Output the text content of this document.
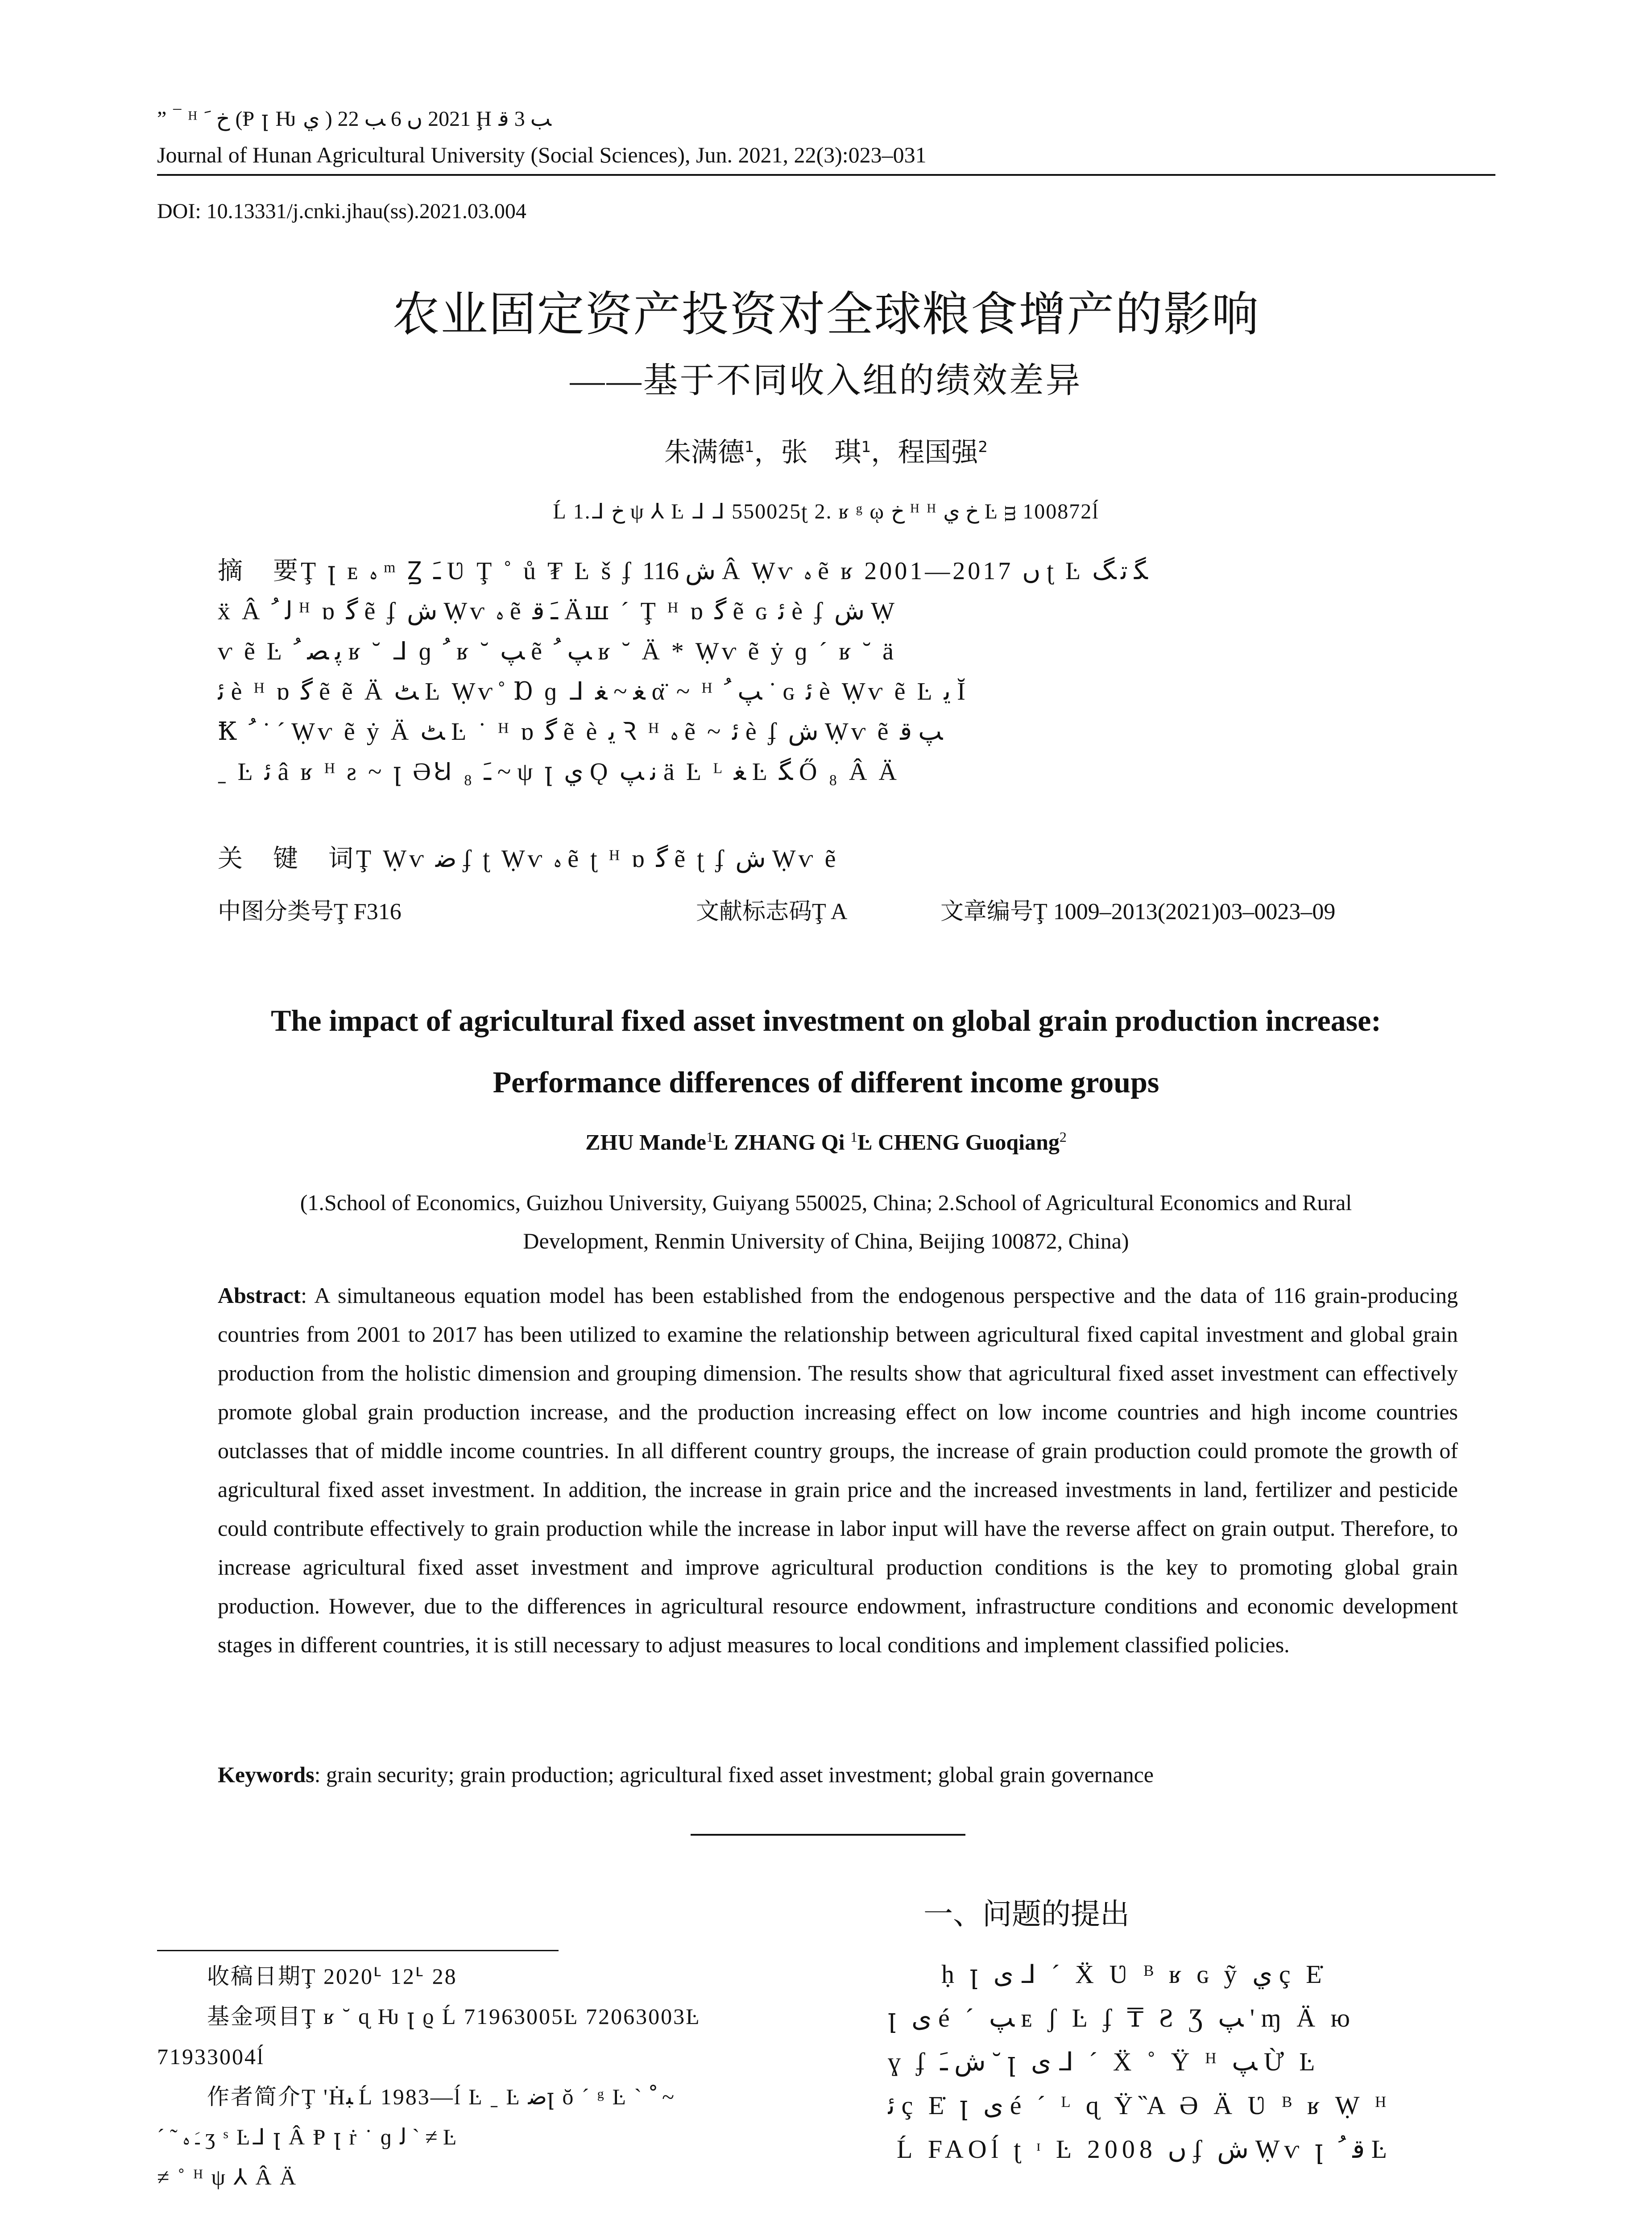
” ‾ ᴴ ﺥ ﹶ (Ᵽ ꞁ Ƕ ي ) 2021 ں 6 ﺐ 22 Ḩ ﺐ 3 ﻗ
Journal of Hunan Agricultural University (Social Sciences), Jun. 2021, 22(3):023–031
DOI: 10.13331/j.cnki.jhau(ss).2021.03.004
农业固定资产投资对全球粮食增产的影响
——基于不同收入组的绩效差异
朱满德$^1$，张　琪$^1$，程国强$^2$
Ĺ 1.ᒧ ﺥ ψ ⅄ Ŀ ᒧ ᒧ 550025ʈ 2. ʁ ᵍ ῳ ﺥ ᴴ ᴴ ﺥ ي Ŀ ᴟ 100872ĺ
摘　要Ţ ꞁ ᴇ ﮦ ᵐ Ꙁ ﹷ Ʋ Ţ ˚ ů ₮ Ŀ š ʄ ﺵ 116 Â Ẉѵ ﮦ ẽ ʁ 2001—2017 ں ʈ Ŀ ﮕ ﺗ ﮓ
ẍ Â ﻟ ﹸ ᴴ ɒ ﮔ ẽ ʄ ﺵ Ẉѵ ﮦ ẽ ﹷ ﻗ Äꟺ ˊ Ţ ᴴ ɒ ﮔ ẽ ɢ ﺋ è ʄ ﺵ Ẉ
ѵ ẽ Ŀ ﭘ ﺼ ﹸ ʁ ˘ ᒧ ɡ ﹸ ʁ ˘ ﭗ ẽ ﭗ ﹸ ʁ ˘ Ä * Ẉѵ ẽ ẏ ɡ ˊ ʁ ˘ ä
ﺋ è ᴴ ɒ ﮔ ẽ ẽ Ä ﭧ Ŀ Ẉѵ ̊ Ɒ ɡ ᒧ ﻐ ~ ﻐ α̈ ~ ᴴ ﭗ ﹸ ˙ ɢ ﺋ è Ẉѵ ẽ Ŀ ﯾ Ĭ
Ꝁ ﹸ ˙ ˊ Ẉѵ ẽ ẏ Ä ﭧ Ŀ ˙ ᴴ ɒ ﮔ ẽ è ﯾ Ꝛ ᴴ ﮦ ẽ ~ ﺋ è ʄ ﺵ Ẉѵ ẽ ﭗ ﻗ
ˍ Ŀ ﺋ â ʁ ᴴ ƨ ~ ꞁ ƏꞞ ₈ ﹷ ~ ψ ꞁ ي Ǫ ﻧ ﭗ ä Ŀ ᴸ ﻐ Ŀ ﮕ Ő ₈ Â Ä
关　键　词Ţ Ẉѵ ﺿ ʄ ʈ Ẉѵ ﮦ ẽ ʈ ᴴ ɒ ﮔ ẽ ʈ ʄ ﺵ Ẉѵ ẽ
中图分类号Ţ F316	文献标志码Ţ A	文章编号Ţ 1009–2013(2021)03–0023–09
The impact of agricultural fixed asset investment on global grain production increase:
Performance differences of different income groups
ZHU Mande$^1$Ŀ ZHANG Qi $^1$Ŀ CHENG Guoqiang$^2$
(1.School of Economics, Guizhou University, Guiyang 550025, China; 2.School of Agricultural Economics and Rural
Development, Renmin University of China, Beijing 100872, China)
Abstract: A simultaneous equation model has been established from the endogenous perspective and the data of 116 grain-producing countries from 2001 to 2017 has been utilized to examine the relationship between agricultural fixed capital investment and global grain production from the holistic dimension and grouping dimension. The results show that agricultural fixed asset investment can effectively promote global grain production increase, and the production increasing effect on low income countries and high income countries outclasses that of middle income countries. In all different country groups, the increase of grain production could promote the growth of agricultural fixed asset investment. In addition, the increase in grain price and the increased investments in land, fertilizer and pesticide could contribute effectively to grain production while the increase in labor input will have the reverse affect on grain output. Therefore, to increase agricultural fixed asset investment and improve agricultural production conditions is the key to promoting global grain production. However, due to the differences in agricultural resource endowment, infrastructure conditions and economic development stages in different countries, it is still necessary to adjust measures to local conditions and implement classified policies.
Keywords: grain security; grain production; agricultural fixed asset investment; global grain governance
收稿日期Ţ 2020ᒻ 12ᒻ 28
基金项目Ţ ʁ ˘ ɋ Ƕ ꞁ ϱ Ĺ 71963005Ŀ 72063003Ŀ
71933004ĺ
作者简介Ţ 'Ḣﺒ Ĺ 1983—ĺ Ŀ ˍ Ŀ ﺿꞁ ŏ ˊ ᵍ Ŀ ˋ ﹾ ~
ˊ ˜ ﹷ ﮦ ʒ ˢ Ŀᒧ ꞁ Â Ᵽ ꞁ ṙ ˙ ɡ ﻟ ˋ ≠ Ŀ
≠ ˚ ᴴ ψ ⅄ Â Ä
一、问题的提出
ḥ ꞁ ﯼ ᒧ ˊ Ẍ Ʋ ᴮ ʁ ɢ ỹ ي ç Ε̇
ꞁ ﯼ é ˊ ﭗ ᴇ ʃ Ŀ ʄ ₸ Ƨ Ʒ ﭗ ' ɱ Ä ю
ɣ ʄ ﺵ ﹷ ˘ ꞁ ﯼ ᒧ ˊ Ẍ ˚ Ÿ ᴴ ﭗ Ừ Ŀ
ﺋ ç Ε̇ ꞁ ﯼ é ˊ ᴸ ɋ Ÿ ̏A Ə Ä Ʋ ᴮ ʁ Ẉ ᴴ
Ĺ FAOĺ ʈ ᶦ Ŀ 2008 ں ʄ ﺵ Ẉѵ ꞁ ﻗ ﹸ Ŀ
